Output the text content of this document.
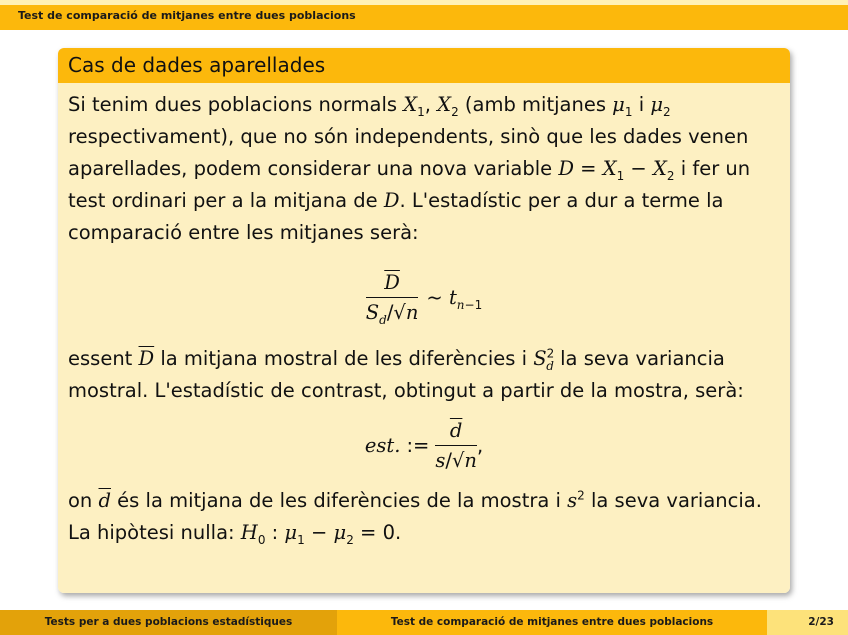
Test de comparació de mitjanes entre dues poblacions
Cas de dades aparellades

Si tenim dues poblacions normals $X_1$, $X_2$ (amb mitjanes $\mu_1$ i $\mu_2$ respectivament), que no són independents, sinò que les dades venen aparellades, podem considerar una nova variable $D = X_1 - X_2$ i fer un test ordinari per a la mitjana de D. L'estadístic per a dur a terme la comparació entre les mitjanes serà:

$\frac{\overline{D}}{S_d/√n}$ ~ $t_{n-1}$

essent $\overline{D}$ la mitjana mostral de les diferències i $S^2_d$ la seva variancia mostral. L'estadístic de contrast, obtingut a partir de la mostra, serà:

est. := $\frac{\overline{d}}{s/√n}$ ,

on $\overline{d}$ és la mitjana de les diferències de la mostra i $s^2$ la seva variancia. La hipòtesi nulla: $H_0$ : $\mu_1 - \mu_2 = 0$.

Tests per a dues poblacions estadístiques	Test de comparació de mitjanes entre dues poblacions	2/23
